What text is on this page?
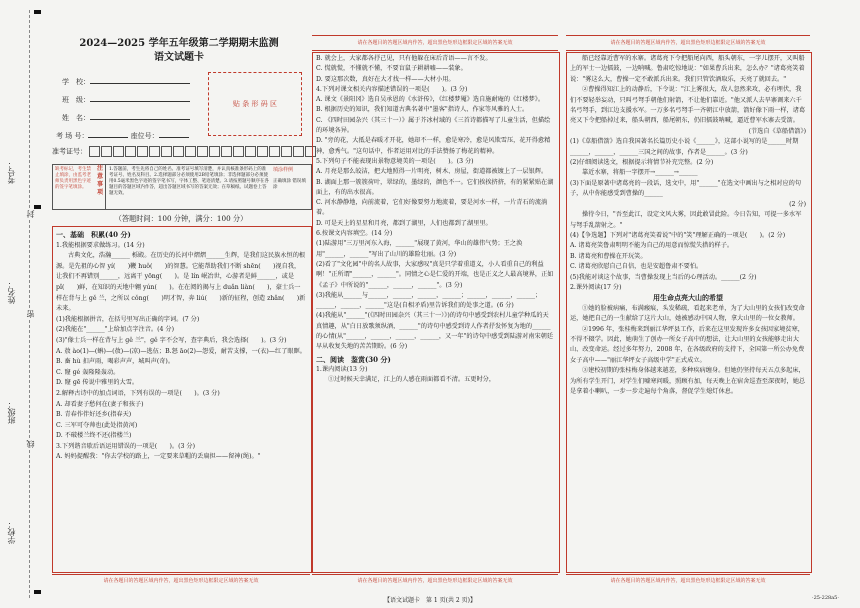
考号：
姓名：
班级：
学校：
封
密
线
2024—2025 学年五年级第二学期期末监测
语文试题卡
学　校：
班　级：
姓　名：
考 场 号：	座位号：
贴 条 形 码 区
准考证号：
缺考标记，考生禁止填涂，由监考老师负责用黑色字迹的签字笔填涂。
注意事项
1.答题前，考生先将自己的姓名、准考证号填写清楚，并认真核准条形码上的准考证号、姓名及科目。2.选择题部分必须使用2B铅笔填涂；非选择题部分必须使用0.5毫米黑色字迹的签字笔书写，字体工整、笔迹清楚。3.请按照题号顺序在各题目的答题区域内作答，超出答题区域书写的答案无效；在草稿纸、试题卷上答题无效。
填涂样例
正确填涂 错误填涂
（答题时间：100 分钟，满分：100 分）
一、基础　积累(40 分)
1.我能根据要求做练习。(14 分)
古典文化，浩瀚______ 栎殿。在历史的长河中熠熠______生辉，是我们这民族永恒的根源。是先祖的心智 yí(　　)鞭 huǒ(　　)的智慧。它能帮助我们不断 shēn(　　)视自我，让我们不再错别______，远离干 yōng(　　)。是 lín 岷冶世，心游者是鲜______，或是 pǐ(　　)鲜，在知识的天地中翱 yún(　　)。在在阅的揭与上 duǎn liàn(　　)，豪士兵一样在背与上 gě 兰，之所以 cǒng(　　)明才智，奔 liú(　　)新的征程，创造 zhǎn(　　)新未来。
(1)我能根据拼音，在括号里写出正确的字词。(7 分)
(2)我能在"______"上给加点字注音。(4 分)
(3)"像士兵一样在背与上 ɡě 兰"，ɡě 字不会写，查字典后，我会选择(　　)。(3 分)
A. 敖 ào(1)—(蝌)—(敖)—(凉)—逃伍；B.怒 āo(2)—怨爱，耐苦支撑，一(衣)—红了眼眶。
B. 畜 hù 扣声雨，喝彩声声，城叫声(奇)。
C. 窿 ɡé 轰隆隆轰动。
D. 窿 ɡē 传说中雅里的大雪。
2.解释古诗中的加点词语，下列有误的一项是(　　)。(3 分)
A. 却看妻子愁何在(妻子和孩子)
B. 青春作伴好还乡(指春天)
C. 三军可夺帅也(此处指黄河)
D. 不破楼兰终不还(指楼兰)
3.下列谐音歇后语运用错误的一项是(　　)。(3 分)
A. 妈妈提醒我："你去学校的路上，一定要来草帽的丢扁担——留神(绳)。"
请在各题目的答题区域内作答，超出黑色矩形边框限定区域的答案无效
请在各题目的答题区域内作答，超出黑色矩形边框限定区域的答案无效
B. 就会上，大家都各抒己见，只有他躲在床后青语——言不发。
C. 慌就慌，不懂就不懂，不要盲鼠子耕耕嘘——装象。
D. 要这那次数，真好在大才找一样——大材小用。
4.下列对课文相关内容描述错误的一项是(　　)。(3 分)
A. 课文《景阳冈》选自吴承恩的《水浒传》，《红楼梦魇》选自施耐庵的《红楼梦》。
B. 根据历史的知识，我们知道古典名著中"墨客"指诗人、作家等风雅的人士。
C. 《四时田园杂兴（其三十一）》属于芥冰村域的《三首诗都描写了儿童生活，但描绘的环境各异。
D. "旁的花，大抵是春暖才开花，她却不一样，愈是寒冷，愈是风欺雪压，花开得愈精神，愈秀气。"这句话中，作者运用对比的手法赞扬了梅花的精神。
5.下列句子不能表现出景物意境美的一项是(　　)。(3 分)
A. 月亮是那么皎洁，把大地照得一片明亮，树木、房屋，街道都被镀上了一层银辉。
B. 湖面上那一簇簇荷叶，翠绿的，墨绿的，颜色不一。它们挨挨挤挤，有的紧紧贴在湖面上，有的出水很高。
C. 河水静静地，向前流着，它们好像要努力地流着，要是河水一样，一片青石的流淌着。
D. 可是天上的星星和月亮，都到了湖里，人们也都到了湖里里。
6.按课文内容填空。(14 分)
(1)陆游用"三万里河东入海，______"展现了黄河，华山的雄伟气势；王之涣用"______，______"写出了山川的雄险壮丽。(3 分)
(2)看了"文化园"中的名人故事，大家感叹"真是只学着重道义，小人看重自己的利益啊！"正所谓"______，______"。同情之心是仁爱的开端，也是正义之人最高境界，正如《孟子》中所说的"______，______，______"。(3 分)
(3)我能从______与______，______，______，______；______，______，______；______，______，______"这是(自相矛盾)里告诉我们的处事之道。(6 分)
(4)我能从"______"(《四时田园杂兴（其三十一）》)的诗句中感受到农村儿童学种瓜的天真情趣，从"白日放歌须纵酒，______"的诗句中感受到诗人作者抒发怀复为地的______的心情(从"______，______，______，______，又一年"的诗句中感受到陆游对南宋朝廷早从收复失地的苦苦期盼。(6 分)
二、阅读　鉴赏(30 分)
1.课内阅读(13 分)
①过时候天幸满足，江上的人感在雨面都看不清。五更时分，
请在各题目的答题区域内作答，超出黑色矩形边框限定区域的答案无效
请在各题目的答题区域内作答，超出黑色矩形边框限定区域的答案无效
船已经靠近曹军的水寨。诸葛亮下令把船尾向西，船头朝东，一字儿摆开，又叫船上的军士一边擂鼓，一边呐喊。鲁肃吃惊地说："如果曹兵出来，怎么办？"诸葛亮笑着说："雾这么大，曹操一定不敢派兵出来。我们只管饮酒取乐，天亮了就回去。"
②曹操得知江上的动静后，下令说："江上雾很大，敌人忽然来攻，必有埋伏，我们不要轻举妄动，只叫弓弩手朝他们射箭，不让他们靠近。"他又派人去旱寨调来六千名弓弩手，到江边支援水军。一万多名弓弩手一齐朝江中放箭，箭好像下雨一样，诸葛亮又下令把船掉过来，船头朝西，船尾朝东，仍旧擂鼓呐喊，逼近曹军水寨去受箭。
(节选自《草船借箭》)
(1)《草船借箭》选自我国著名长篇历史小说《______》，这部小说写的是______时期______，______，______三国之间的故事，作者是______。(3 分)
(2)仔细阅读选文，根据提示将情节补充完整。(2 分)
靠近水寨，将船一字摆开→______→______
(3)下面是原著中诸葛亮的一段话，选文中，用"______"在选文中画出与之相对应的句子，从中你能感受到曹操的______
(2 分)
操待今日，"吾至此江，设定文风大雾，因此敢冒此险。今日告知，可提一多水军与弩手乱箭射之。"
(4)【争选题】下列对"诸葛亮笑着说"中的"笑"理解正确的一项是(　　)。(2 分)
A. 诸葛亮笑鲁肃明明不能为自己的用意而惊慌失措的样子。
B. 诸葛亮和曹操在开玩笑。
C. 诸葛亮欣慰自己自信，也是安超鲁肃不要怕。
(5)我能对谈这个故事，当曹操发现上当后的心理活动。______(2 分)
2.课外阅读(17 分)
用生命点亮大山的希望
①她的脸被病痛，布满瘢痕，头发稀疏，看起来老单，为了大山里的女孩们改变命运，她把自己的一生献给了这片大山，她被感动中国人物，拿大山里的一位女教师。
②1996 年，张桂梅来到丽江华坪县工作，后来在这里发现许多女孩因家境贫寒，不得不辍学。因此，她萌生了创办一所女子高中的想法，让大山里的女孩能够走出大山、改变命运。经过多年努力，2008 年，在各级政府的支持下，全国第一所公办免费女子高中——"丽江华坪女子高级中学"正式成立。
③建校初期的张桂梅身体越来越差，多种疾病缠身。但她仍坚持每天五点多起床，为所有学生开门，对学生们嘘寒问暖，照顾有加，每天晚上在宿舍巡查至深夜时，她总是拿着小喇叭，一步一步走遍每个角落，督促学生熄灯休息。
请在各题目的答题区域内作答，超出黑色矩形边框限定区域的答案无效
【语文试题卡　第 1 页(共 2 页)】	·25-228a5·
